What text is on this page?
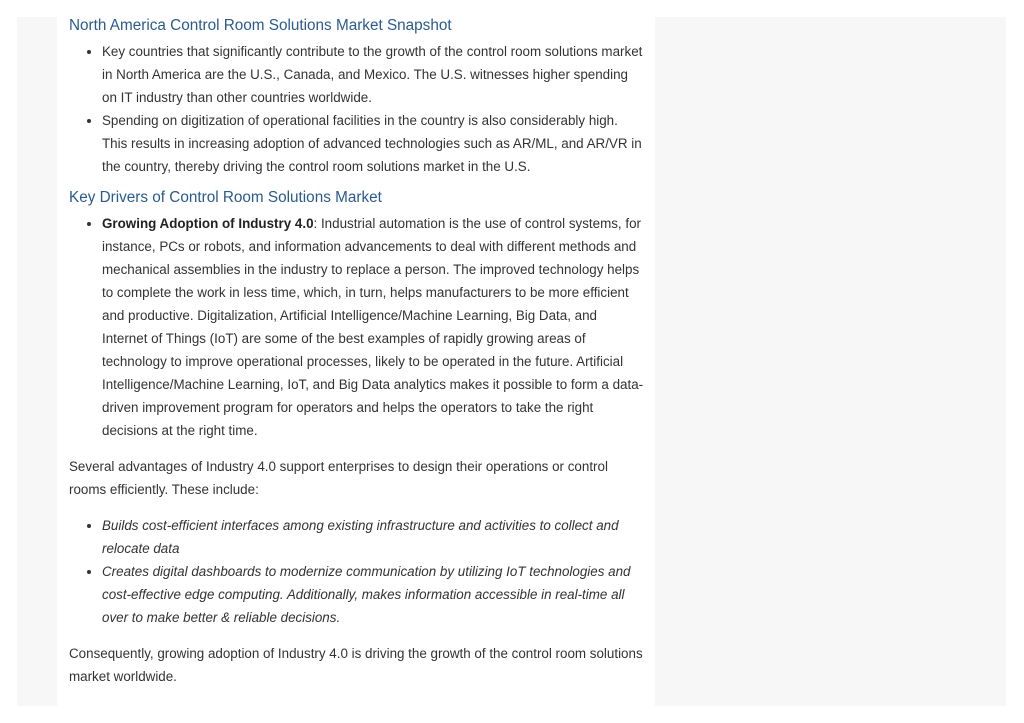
North America Control Room Solutions Market Snapshot
• Key countries that significantly contribute to the growth of the control room solutions market in North America are the U.S., Canada, and Mexico. The U.S. witnesses higher spending on IT industry than other countries worldwide.
• Spending on digitization of operational facilities in the country is also considerably high. This results in increasing adoption of advanced technologies such as AR/ML, and AR/VR in the country, thereby driving the control room solutions market in the U.S.
Key Drivers of Control Room Solutions Market
• Growing Adoption of Industry 4.0: Industrial automation is the use of control systems, for instance, PCs or robots, and information advancements to deal with different methods and mechanical assemblies in the industry to replace a person. The improved technology helps to complete the work in less time, which, in turn, helps manufacturers to be more efficient and productive. Digitalization, Artificial Intelligence/Machine Learning, Big Data, and Internet of Things (IoT) are some of the best examples of rapidly growing areas of technology to improve operational processes, likely to be operated in the future. Artificial Intelligence/Machine Learning, IoT, and Big Data analytics makes it possible to form a data-driven improvement program for operators and helps the operators to take the right decisions at the right time.

Several advantages of Industry 4.0 support enterprises to design their operations or control rooms efficiently. These include:

• Builds cost-efficient interfaces among existing infrastructure and activities to collect and relocate data
• Creates digital dashboards to modernize communication by utilizing IoT technologies and cost-effective edge computing. Additionally, makes information accessible in real-time all over to make better & reliable decisions.

Consequently, growing adoption of Industry 4.0 is driving the growth of the control room solutions market worldwide.
